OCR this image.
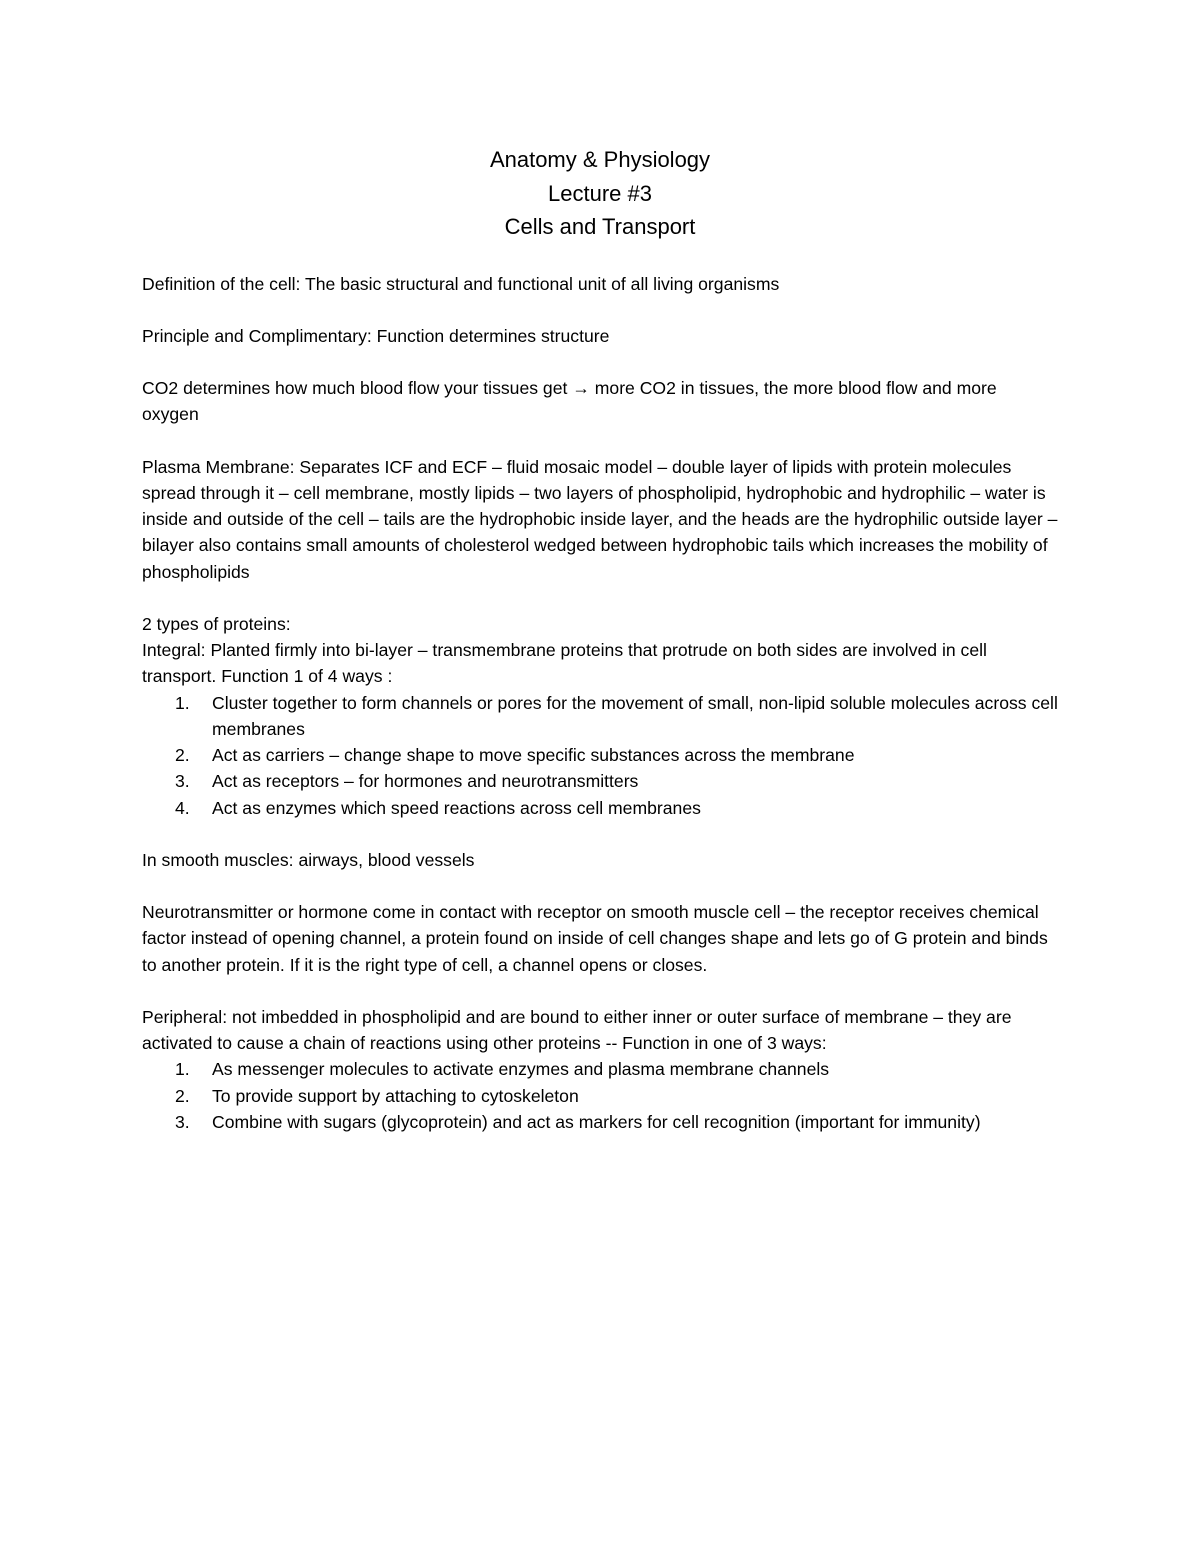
Anatomy & Physiology
Lecture #3
Cells and Transport

Definition of the cell: The basic structural and functional unit of all living organisms

Principle and Complimentary: Function determines structure

CO2 determines how much blood flow your tissues get → more CO2 in tissues, the more blood flow and more oxygen

Plasma Membrane: Separates ICF and ECF – fluid mosaic model – double layer of lipids with protein molecules spread through it – cell membrane, mostly lipids – two layers of phospholipid, hydrophobic and hydrophilic – water is inside and outside of the cell – tails are the hydrophobic inside layer, and the heads are the hydrophilic outside layer – bilayer also contains small amounts of cholesterol wedged between hydrophobic tails which increases the mobility of phospholipids

2 types of proteins:

Integral: Planted firmly into bi-layer – transmembrane proteins that protrude on both sides are involved in cell transport. Function 1 of 4 ways :

1. Cluster together to form channels or pores for the movement of small, non-lipid soluble molecules across cell membranes
2. Act as carriers – change shape to move specific substances across the membrane
3. Act as receptors – for hormones and neurotransmitters
4. Act as enzymes which speed reactions across cell membranes

In smooth muscles: airways, blood vessels

Neurotransmitter or hormone come in contact with receptor on smooth muscle cell – the receptor receives chemical factor instead of opening channel, a protein found on inside of cell changes shape and lets go of G protein and binds to another protein. If it is the right type of cell, a channel opens or closes.

Peripheral: not imbedded in phospholipid and are bound to either inner or outer surface of membrane – they are activated to cause a chain of reactions using other proteins -- Function in one of 3 ways:

1. As messenger molecules to activate enzymes and plasma membrane channels
2. To provide support by attaching to cytoskeleton
3. Combine with sugars (glycoprotein) and act as markers for cell recognition (important for immunity)
